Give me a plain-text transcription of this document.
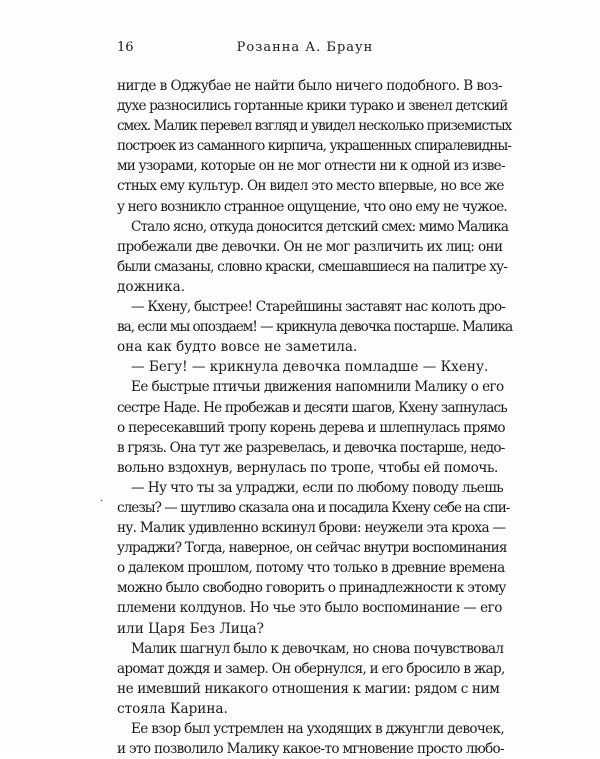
16	Розанна А. Браун
·
нигде в Оджубае не найти было ничего подобного. В воз-
духе разносились гортанные крики турако и звенел детский
смех. Малик перевел взгляд и увидел несколько приземистых
построек из саманного кирпича, украшенных спиралевидны-
ми узорами, которые он не мог отнести ни к одной из изве-
стных ему культур. Он видел это место впервые, но все же
у него возникло странное ощущение, что оно ему не чужое.
Стало ясно, откуда доносится детский смех: мимо Малика
пробежали две девочки. Он не мог различить их лиц: они
были смазаны, словно краски, смешавшиеся на палитре ху-
дожника.
— Кхену, быстрее! Старейшины заставят нас колоть дро-
ва, если мы опоздаем! — крикнула девочка постарше. Малика
она как будто вовсе не заметила.
— Бегу! — крикнула девочка помладше — Кхену.
Ее быстрые птичьи движения напомнили Малику о его
сестре Наде. Не пробежав и десяти шагов, Кхену запнулась
о пересекавший тропу корень дерева и шлепнулась прямо
в грязь. Она тут же разревелась, и девочка постарше, недо-
вольно вздохнув, вернулась по тропе, чтобы ей помочь.
— Ну что ты за улраджи, если по любому поводу льешь
слезы? — шутливо сказала она и посадила Кхену себе на спи-
ну. Малик удивленно вскинул брови: неужели эта кроха —
улраджи? Тогда, наверное, он сейчас внутри воспоминания
о далеком прошлом, потому что только в древние времена
можно было свободно говорить о принадлежности к этому
племени колдунов. Но чье это было воспоминание — его
или Царя Без Лица?
Малик шагнул было к девочкам, но снова почувствовал
аромат дождя и замер. Он обернулся, и его бросило в жар,
не имевший никакого отношения к магии: рядом с ним
стояла Карина.
Ее взор был устремлен на уходящих в джунгли девочек,
и это позволило Малику какое-то мгновение просто любо-
